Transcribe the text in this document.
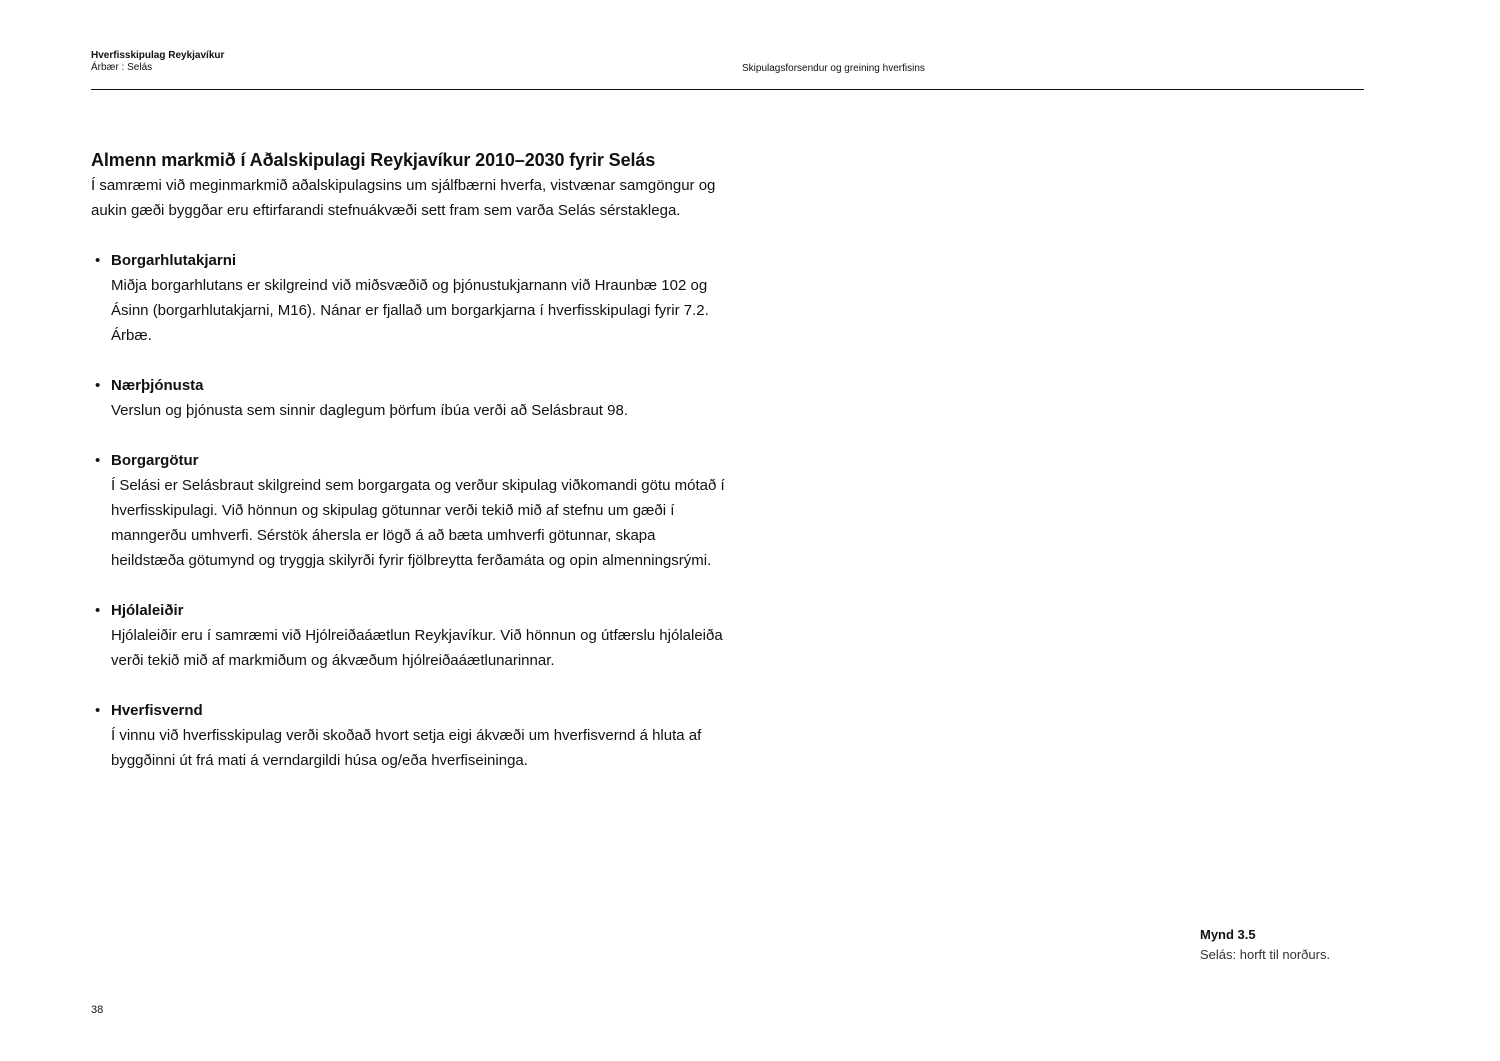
Hverfisskipulag Reykjavíkur
Árbær : Selás	Skipulagsforsendur og greining hverfisins
Almenn markmið í Aðalskipulagi Reykjavíkur 2010–2030 fyrir Selás

Í samræmi við meginmarkmið aðalskipulagsins um sjálfbærni hverfa, vistvænar samgöngur og aukin gæði byggðar eru eftirfarandi stefnuákvæði sett fram sem varða Selás sérstaklega.

• Borgarhlutakjarni
Miðja borgarhlutans er skilgreind við miðsvæðið og þjónustukjarnann við Hraunbæ 102 og Ásinn (borgarhlutakjarni, M16). Nánar er fjallað um borgarkjarna í hverfisskipulagi fyrir 7.2. Árbæ.
• Nærþjónusta
Verslun og þjónusta sem sinnir daglegum þörfum íbúa verði að Selásbraut 98.
• Borgargötur
Í Selási er Selásbraut skilgreind sem borgargata og verður skipulag viðkomandi götu mótað í hverfisskipulagi. Við hönnun og skipulag götunnar verði tekið mið af stefnu um gæði í manngerðu umhverfi. Sérstök áhersla er lögð á að bæta umhverfi götunnar, skapa heildstæða götumynd og tryggja skilyrði fyrir fjölbreytta ferðamáta og opin almenningsrými.
• Hjólaleiðir
Hjólaleiðir eru í samræmi við Hjólreiðaáætlun Reykjavíkur. Við hönnun og útfærslu hjólaleiða verði tekið mið af markmiðum og ákvæðum hjólreiðaáætlunarinnar.
• Hverfisvernd
Í vinnu við hverfisskipulag verði skoðað hvort setja eigi ákvæði um hverfisvernd á hluta af byggðinni út frá mati á verndargildi húsa og/eða hverfiseininga.
Mynd 3.5
Selás: horft til norðurs.
38
